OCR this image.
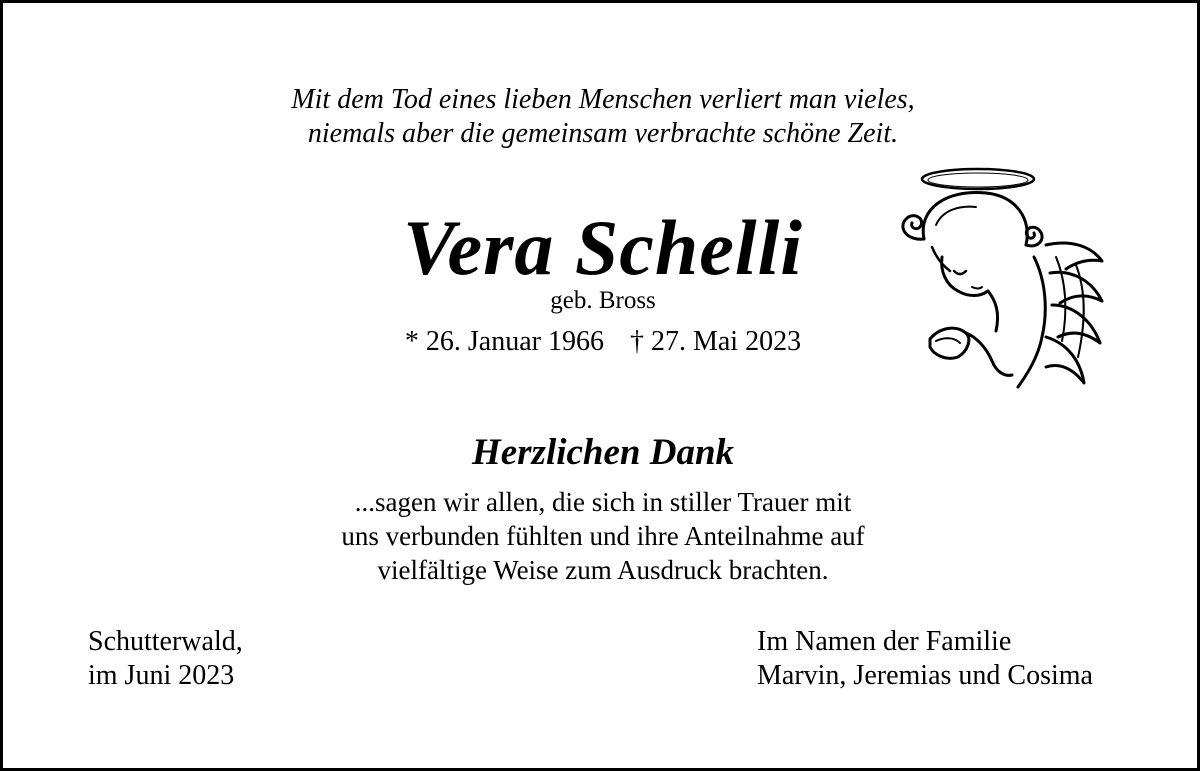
Mit dem Tod eines lieben Menschen verliert man vieles,
niemals aber die gemeinsam verbrachte schöne Zeit.
Vera Schelli
geb. Bross
* 26. Januar 1966 † 27. Mai 2023
Herzlichen Dank
...sagen wir allen, die sich in stiller Trauer mit
uns verbunden fühlten und ihre Anteilnahme auf
vielfältige Weise zum Ausdruck brachten.
Schutterwald,
im Juni 2023
Im Namen der Familie
Marvin, Jeremias und Cosima
